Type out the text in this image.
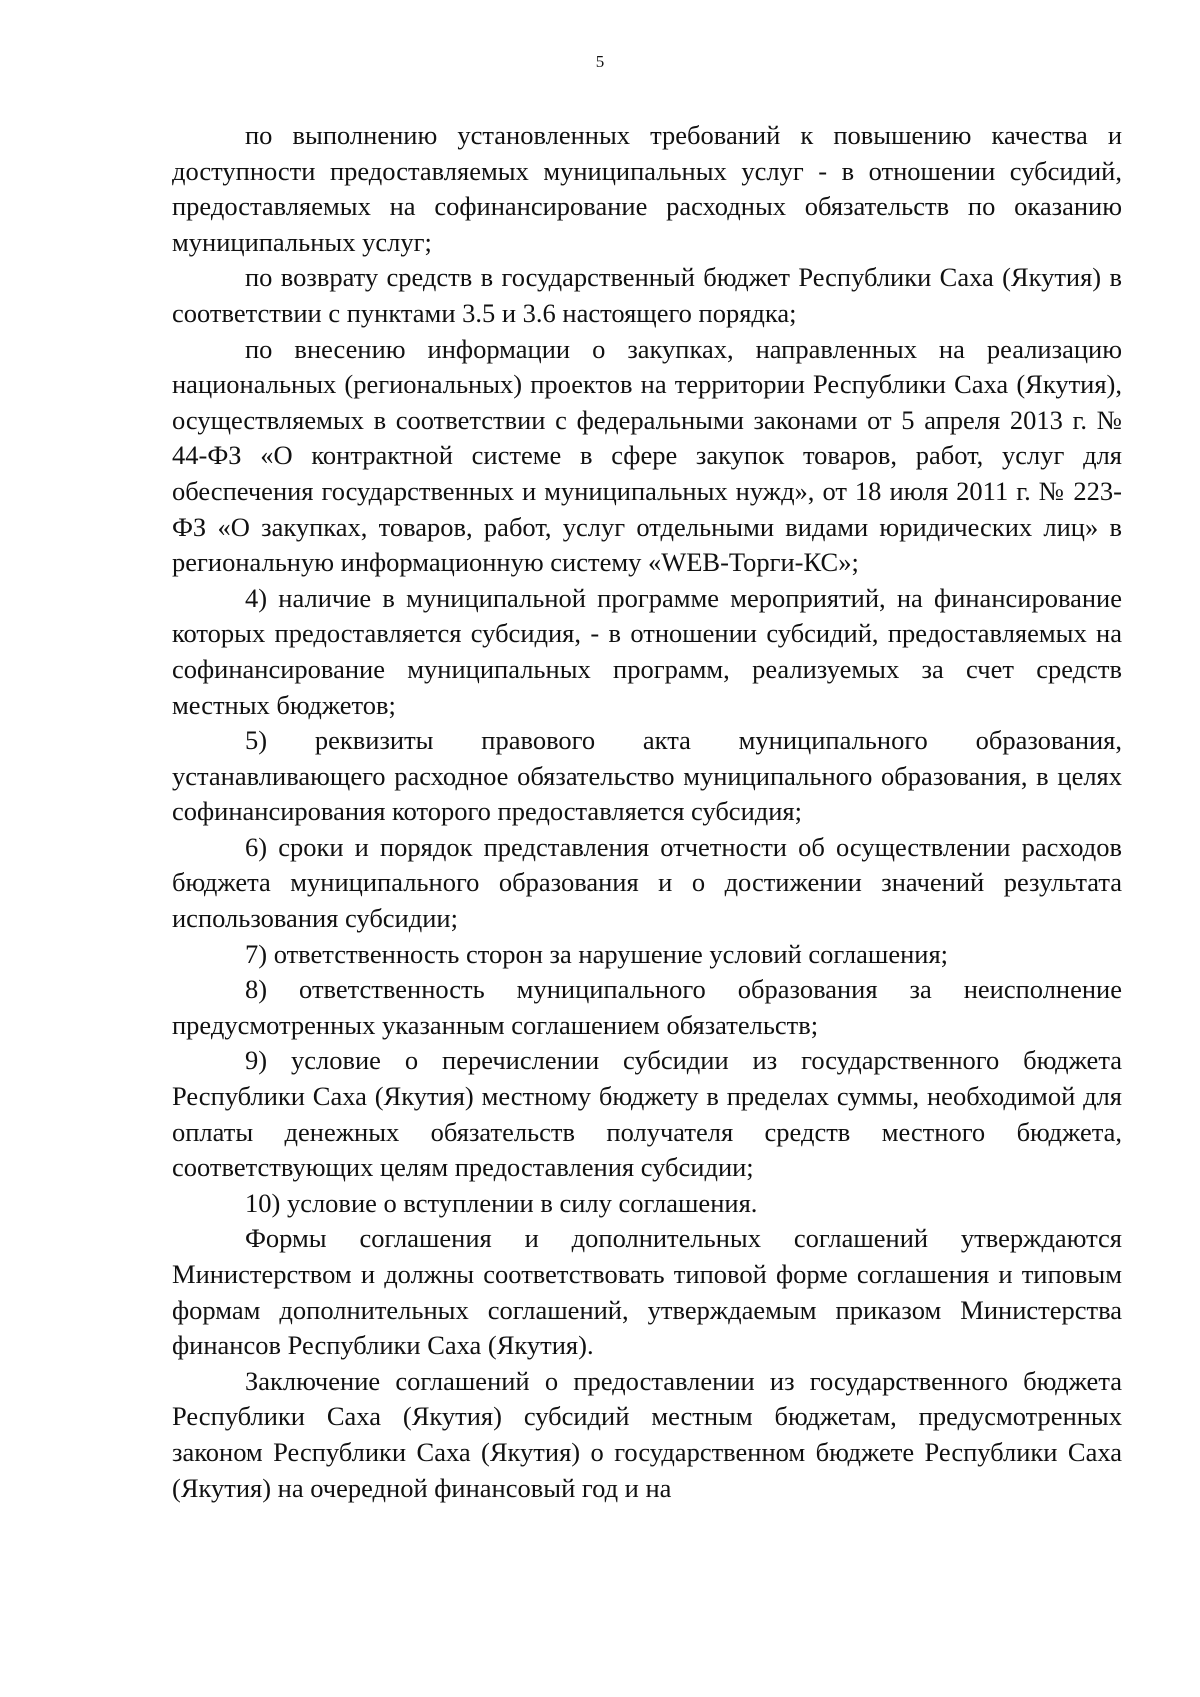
5

по выполнению установленных требований к повышению качества и доступности предоставляемых муниципальных услуг - в отношении субсидий, предоставляемых на софинансирование расходных обязательств по оказанию муниципальных услуг;

по возврату средств в государственный бюджет Республики Саха (Якутия) в соответствии с пунктами 3.5 и 3.6 настоящего порядка;

по внесению информации о закупках, направленных на реализацию национальных (региональных) проектов на территории Республики Саха (Якутия), осуществляемых в соответствии с федеральными законами от 5 апреля 2013 г. № 44-ФЗ «О контрактной системе в сфере закупок товаров, работ, услуг для обеспечения государственных и муниципальных нужд», от 18 июля 2011 г. № 223-ФЗ «О закупках, товаров, работ, услуг отдельными видами юридических лиц» в региональную информационную систему «WEB-Торги-КС»;

4) наличие в муниципальной программе мероприятий, на финансирование которых предоставляется субсидия, - в отношении субсидий, предоставляемых на софинансирование муниципальных программ, реализуемых за счет средств местных бюджетов;

5) реквизиты правового акта муниципального образования, устанавливающего расходное обязательство муниципального образования, в целях софинансирования которого предоставляется субсидия;

6) сроки и порядок представления отчетности об осуществлении расходов бюджета муниципального образования и о достижении значений результата использования субсидии;

7) ответственность сторон за нарушение условий соглашения;

8) ответственность муниципального образования за неисполнение предусмотренных указанным соглашением обязательств;

9) условие о перечислении субсидии из государственного бюджета Республики Саха (Якутия) местному бюджету в пределах суммы, необходимой для оплаты денежных обязательств получателя средств местного бюджета, соответствующих целям предоставления субсидии;

10) условие о вступлении в силу соглашения.

Формы соглашения и дополнительных соглашений утверждаются Министерством и должны соответствовать типовой форме соглашения и типовым формам дополнительных соглашений, утверждаемым приказом Министерства финансов Республики Саха (Якутия).

Заключение соглашений о предоставлении из государственного бюджета Республики Саха (Якутия) субсидий местным бюджетам, предусмотренных законом Республики Саха (Якутия) о государственном бюджете Республики Саха (Якутия) на очередной финансовый год и на
